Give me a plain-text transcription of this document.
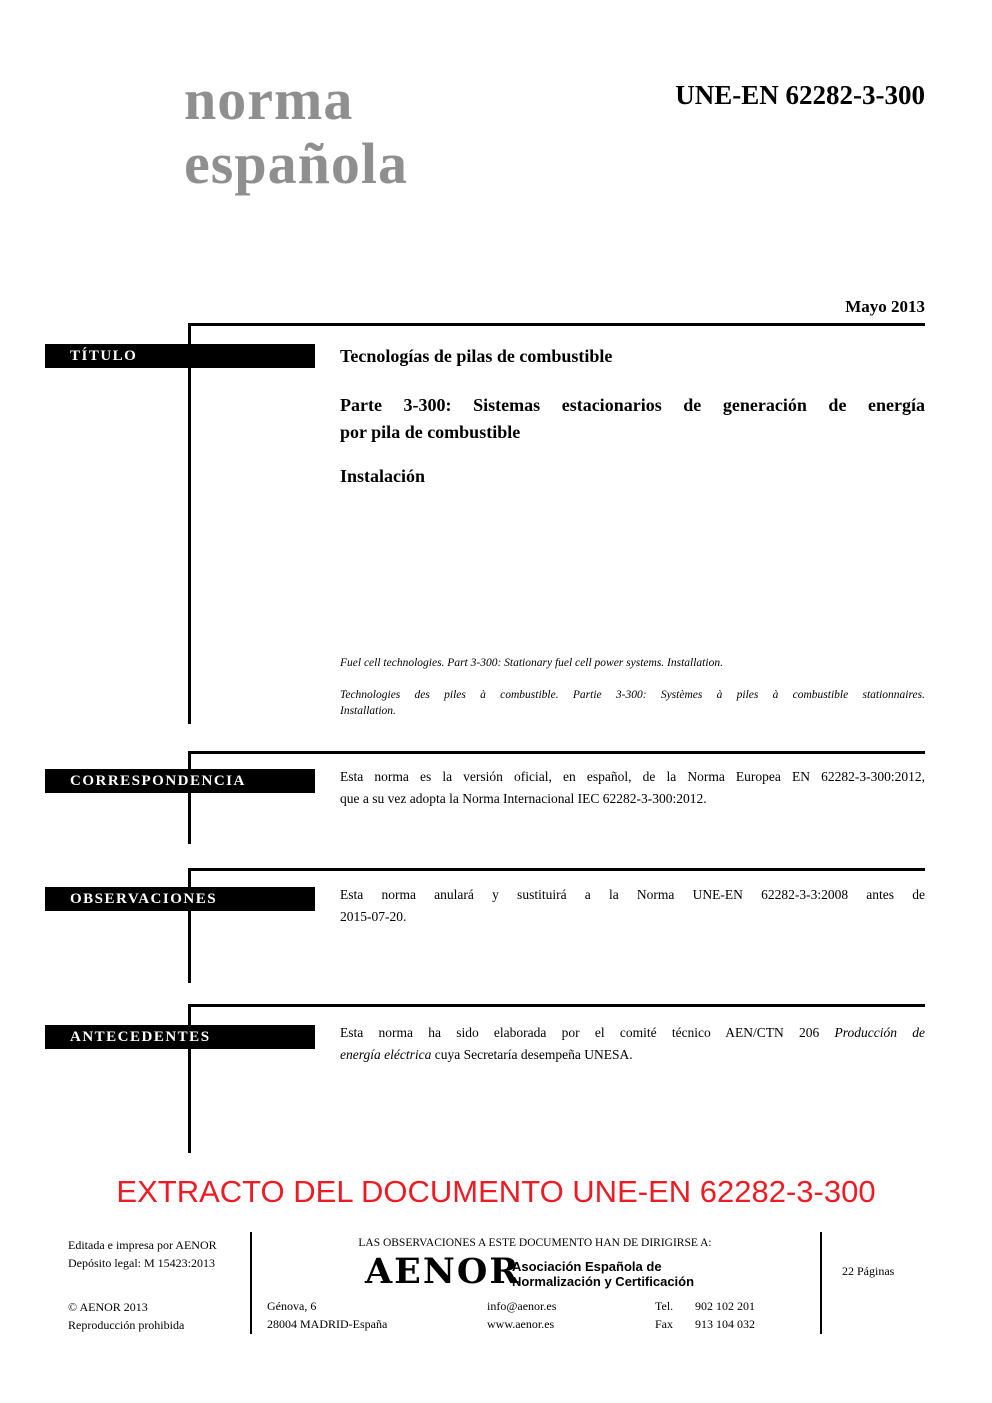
norma
española
UNE-EN 62282-3-300
Mayo 2013
TÍTULO	Tecnologías de pilas de combustible
Parte 3-300: Sistemas estacionarios de generación de energía
por pila de combustible
Instalación
Fuel cell technologies. Part 3-300: Stationary fuel cell power systems. Installation.
Technologies des piles à combustible. Partie 3-300: Systèmes à piles à combustible stationnaires.
Installation.
CORRESPONDENCIA	Esta norma es la versión oficial, en español, de la Norma Europea EN 62282-3-300:2012,
que a su vez adopta la Norma Internacional IEC 62282-3-300:2012.
OBSERVACIONES	Esta norma anulará y sustituirá a la Norma UNE-EN 62282-3-3:2008 antes de
2015-07-20.
ANTECEDENTES	Esta norma ha sido elaborada por el comité técnico AEN/CTN 206 Producción de
energía eléctrica cuya Secretaría desempeña UNESA.
EXTRACTO DEL DOCUMENTO UNE-EN 62282-3-300
Editada e impresa por AENOR
Depósito legal: M 15423:2013
© AENOR 2013
Reproducción prohibida
LAS OBSERVACIONES A ESTE DOCUMENTO HAN DE DIRIGIRSE A:
AENOR
Asociación Española de
Normalización y Certificación
Génova, 6
28004 MADRID-España
info@aenor.es
www.aenor.es
Tel. 902 102 201
Fax 913 104 032
22 Páginas
